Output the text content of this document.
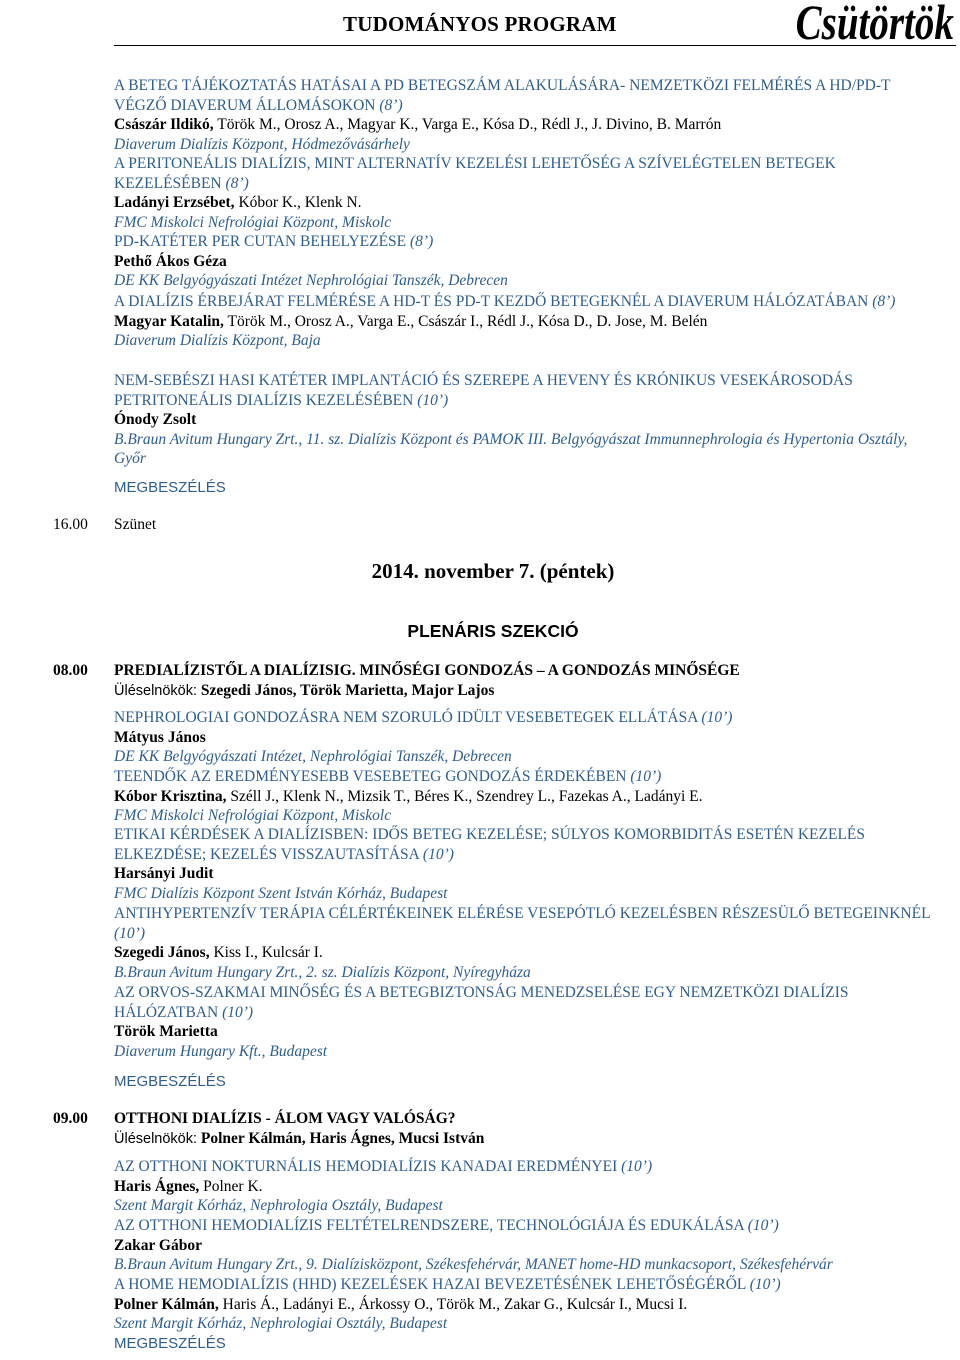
TUDOMÁNYOS PROGRAM	Csütörtök
A BETEG TÁJÉKOZTATÁS HATÁSAI A PD BETEGSZÁM ALAKULÁSÁRA- NEMZETKÖZI FELMÉRÉS A HD/PD-T VÉGZŐ DIAVERUM ÁLLOMÁSOKON (8’)
Császár Ildikó, Török M., Orosz A., Magyar K., Varga E., Kósa D., Rédl J., J. Divino, B. Marrón
Diaverum Dialízis Központ, Hódmezővásárhely
A PERITONEÁLIS DIALÍZIS, MINT ALTERNATÍV KEZELÉSI LEHETŐSÉG A SZÍVELÉGTELEN BETEGEK KEZELÉSÉBEN (8’)
Ladányi Erzsébet, Kóbor K., Klenk N.
FMC Miskolci Nefrológiai Központ, Miskolc
PD-KATÉTER PER CUTAN BEHELYEZÉSE (8’)
Pethő Ákos Géza
DE KK Belgyógyászati Intézet Nephrológiai Tanszék, Debrecen
A DIALÍZIS ÉRBEJÁRAT FELMÉRÉSE A HD-T ÉS PD-T KEZDŐ BETEGEKNÉL A DIAVERUM HÁLÓZATÁBAN (8’)
Magyar Katalin, Török M., Orosz A., Varga E., Császár I., Rédl J., Kósa D., D. Jose, M. Belén
Diaverum Dialízis Központ, Baja
NEM-SEBÉSZI HASI KATÉTER IMPLANTÁCIÓ ÉS SZEREPE A HEVENY ÉS KRÓNIKUS VESEKÁROSODÁS PETRITONEÁLIS DIALÍZIS KEZELÉSÉBEN (10’)
Ónody Zsolt
B.Braun Avitum Hungary Zrt., 11. sz. Dialízis Központ és PAMOK III. Belgyógyászat Immunnephrologia és Hypertonia Osztály, Győr
MEGBESZÉLÉS
16.00 Szünet
2014. november 7. (péntek)
PLENÁRIS SZEKCIÓ
08.00 PREDIALÍZISTŐL A DIALÍZISIG. MINŐSÉGI GONDOZÁS – A GONDOZÁS MINŐSÉGE
Üléselnökök: Szegedi János, Török Marietta, Major Lajos
NEPHROLOGIAI GONDOZÁSRA NEM SZORULÓ IDÜLT VESEBETEGEK ELLÁTÁSA (10’)
Mátyus János
DE KK Belgyógyászati Intézet, Nephrológiai Tanszék, Debrecen
TEENDŐK AZ EREDMÉNYESEBB VESEBETEG GONDOZÁS ÉRDEKÉBEN (10’)
Kóbor Krisztina, Széll J., Klenk N., Mizsik T., Béres K., Szendrey L., Fazekas A., Ladányi E.
FMC Miskolci Nefrológiai Központ, Miskolc
ETIKAI KÉRDÉSEK A DIALÍZISBEN: IDŐS BETEG KEZELÉSE; SÚLYOS KOMORBIDITÁS ESETÉN KEZELÉS ELKEZDÉSE; KEZELÉS VISSZAUTASÍTÁSA (10’)
Harsányi Judit
FMC Dialízis Központ Szent István Kórház, Budapest
ANTIHYPERTENZÍV TERÁPIA CÉLÉRTÉKEINEK ELÉRÉSE VESEPÓTLÓ KEZELÉSBEN RÉSZESÜLŐ BETEGEINKNÉL (10’)
Szegedi János, Kiss I., Kulcsár I.
B.Braun Avitum Hungary Zrt., 2. sz. Dialízis Központ, Nyíregyháza
AZ ORVOS-SZAKMAI MINŐSÉG ÉS A BETEGBIZTONSÁG MENEDZSELÉSE EGY NEMZETKÖZI DIALÍZIS HÁLÓZATBAN (10’)
Török Marietta
Diaverum Hungary Kft., Budapest
MEGBESZÉLÉS
09.00 OTTHONI DIALÍZIS - ÁLOM VAGY VALÓSÁG?
Üléselnökök: Polner Kálmán, Haris Ágnes, Mucsi István
AZ OTTHONI NOKTURNÁLIS HEMODIALÍZIS KANADAI EREDMÉNYEI (10’)
Haris Ágnes, Polner K.
Szent Margit Kórház, Nephrologia Osztály, Budapest
AZ OTTHONI HEMODIALÍZIS FELTÉTELRENDSZERE, TECHNOLÓGIÁJA ÉS EDUKÁLÁSA (10’)
Zakar Gábor
B.Braun Avitum Hungary Zrt., 9. Dialízisközpont, Székesfehérvár, MANET home-HD munkacsoport, Székesfehérvár
A HOME HEMODIALÍZIS (HHD) KEZELÉSEK HAZAI BEVEZETÉSÉNEK LEHETŐSÉGÉRŐL (10’)
Polner Kálmán, Haris Á., Ladányi E., Árkossy O., Török M., Zakar G., Kulcsár I., Mucsi I.
Szent Margit Kórház, Nephrologiai Osztály, Budapest
MEGBESZÉLÉS
